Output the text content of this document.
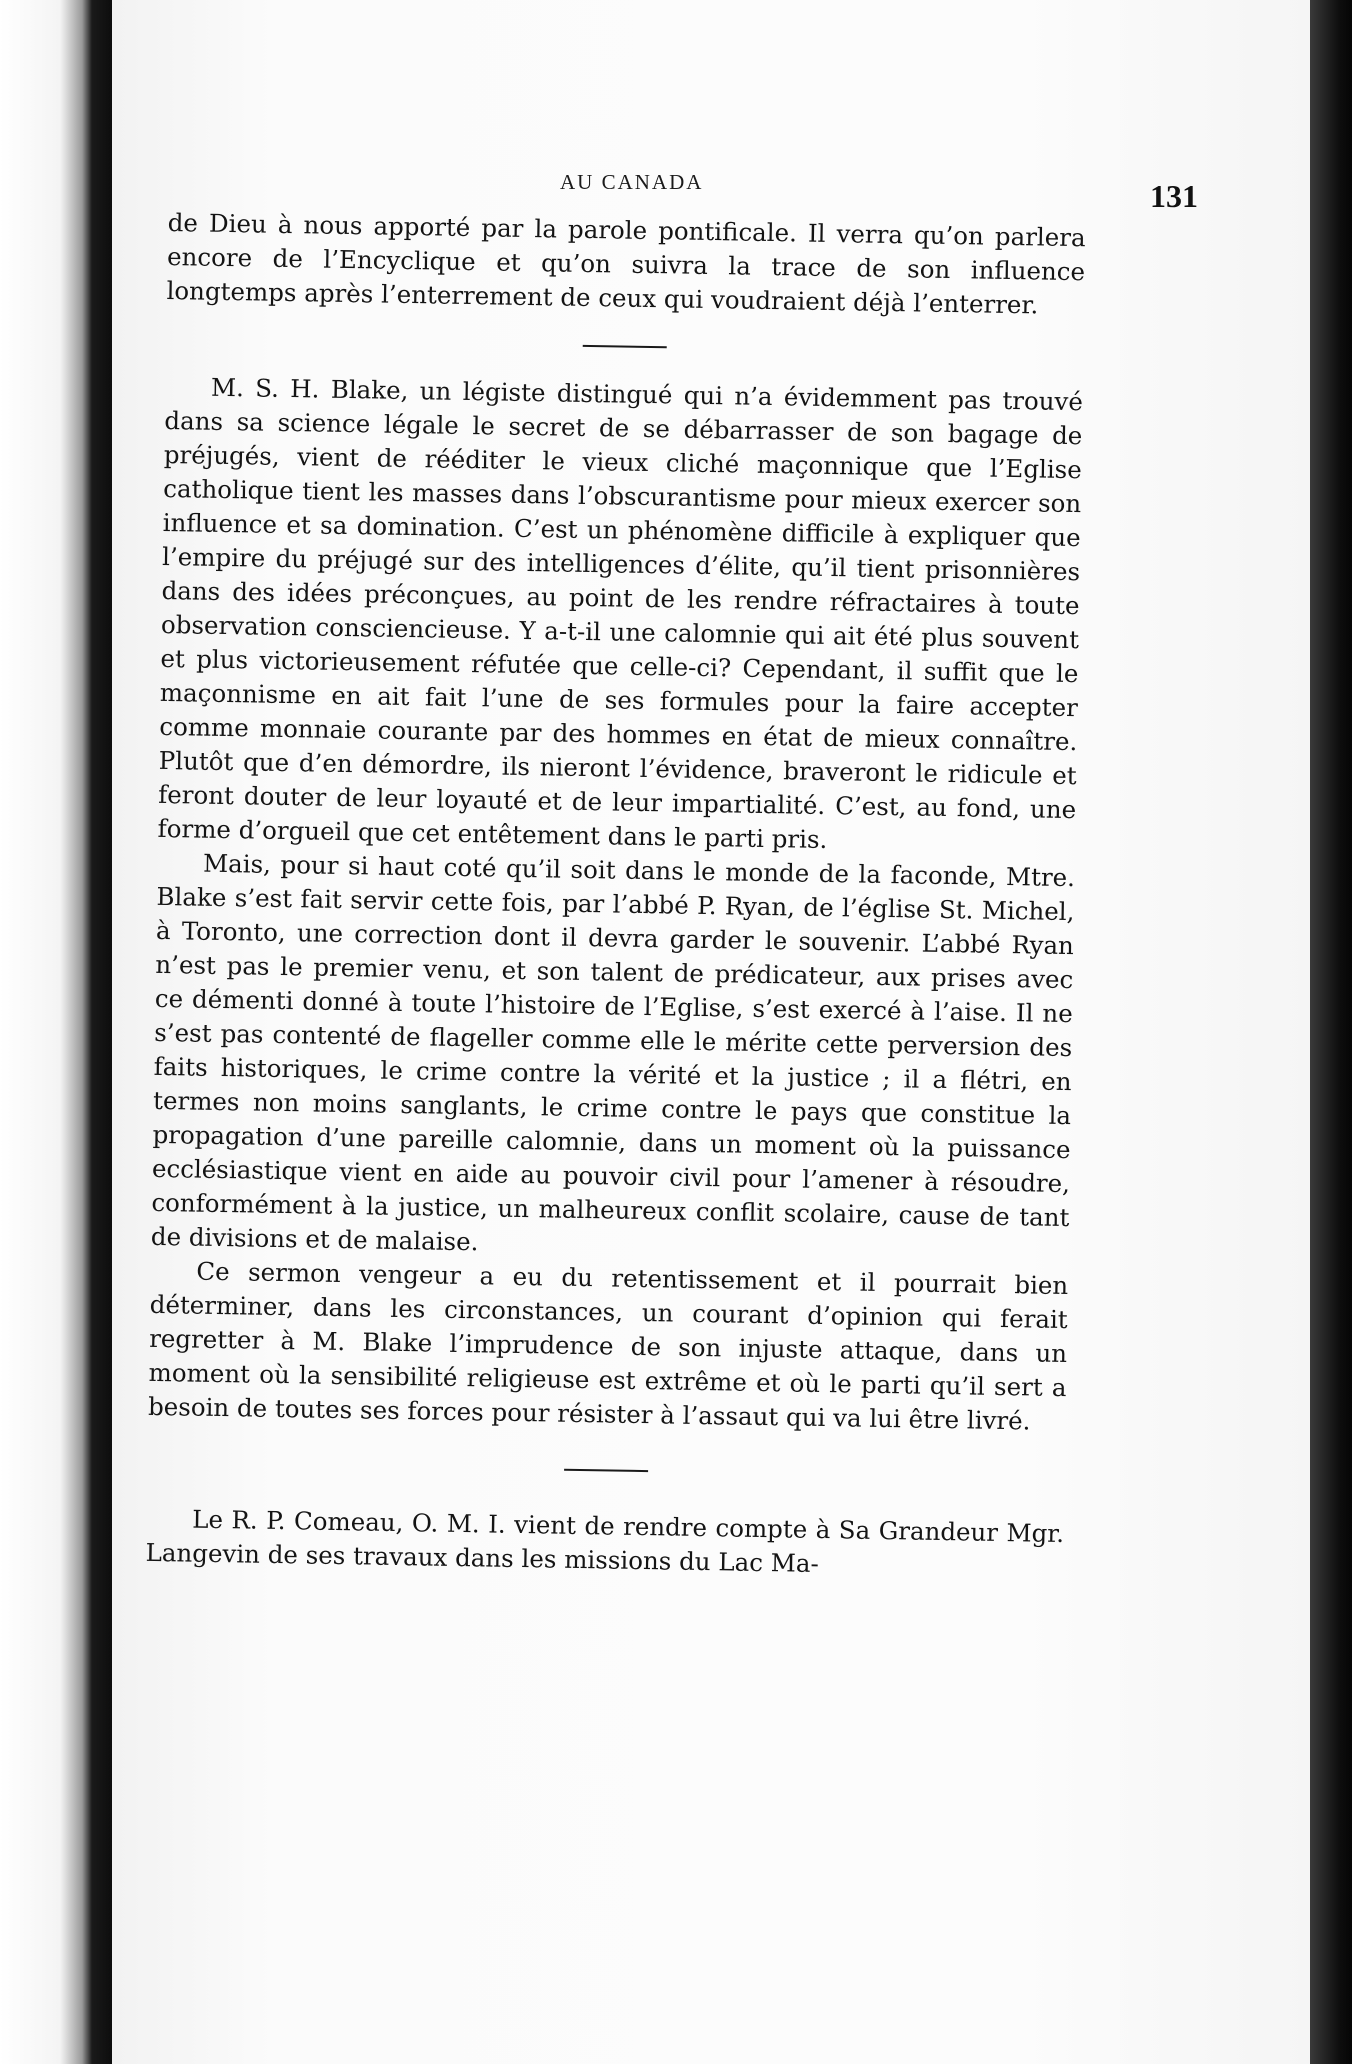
AU CANADA	131

de Dieu à nous apporté par la parole pontificale. Il verra qu’on parlera encore de l’Encyclique et qu’on suivra la trace de son influence longtemps après l’enterrement de ceux qui voudraient déjà l’enterrer.

M. S. H. Blake, un légiste distingué qui n’a évidemment pas trouvé dans sa science légale le secret de se débarrasser de son bagage de préjugés, vient de rééditer le vieux cliché maçonnique que l’Eglise catholique tient les masses dans l’obscurantisme pour mieux exercer son influence et sa domination. C’est un phénomène difficile à expliquer que l’empire du préjugé sur des intelligences d’élite, qu’il tient prisonnières dans des idées préconçues, au point de les rendre réfractaires à toute observation consciencieuse. Y a-t-il une calomnie qui ait été plus souvent et plus victorieusement réfutée que celle-ci? Cependant, il suffit que le maçonnisme en ait fait l’une de ses formules pour la faire accepter comme monnaie courante par des hommes en état de mieux connaître. Plutôt que d’en démordre, ils nieront l’évidence, braveront le ridicule et feront douter de leur loyauté et de leur impartialité. C’est, au fond, une forme d’orgueil que cet entêtement dans le parti pris.

Mais, pour si haut coté qu’il soit dans le monde de la faconde, Mtre. Blake s’est fait servir cette fois, par l’abbé P. Ryan, de l’église St. Michel, à Toronto, une correction dont il devra garder le souvenir. L’abbé Ryan n’est pas le premier venu, et son talent de prédicateur, aux prises avec ce démenti donné à toute l’histoire de l’Eglise, s’est exercé à l’aise. Il ne s’est pas contenté de flageller comme elle le mérite cette perversion des faits historiques, le crime contre la vérité et la justice ; il a flétri, en termes non moins sanglants, le crime contre le pays que constitue la propagation d’une pareille calomnie, dans un moment où la puissance ecclésiastique vient en aide au pouvoir civil pour l’amener à résoudre, conformément à la justice, un malheureux conflit scolaire, cause de tant de divisions et de malaise.

Ce sermon vengeur a eu du retentissement et il pourrait bien déterminer, dans les circonstances, un courant d’opinion qui ferait regretter à M. Blake l’imprudence de son injuste attaque, dans un moment où la sensibilité religieuse est extrême et où le parti qu’il sert a besoin de toutes ses forces pour résister à l’assaut qui va lui être livré.

Le R. P. Comeau, O. M. I. vient de rendre compte à Sa Grandeur Mgr. Langevin de ses travaux dans les missions du Lac Ma-
